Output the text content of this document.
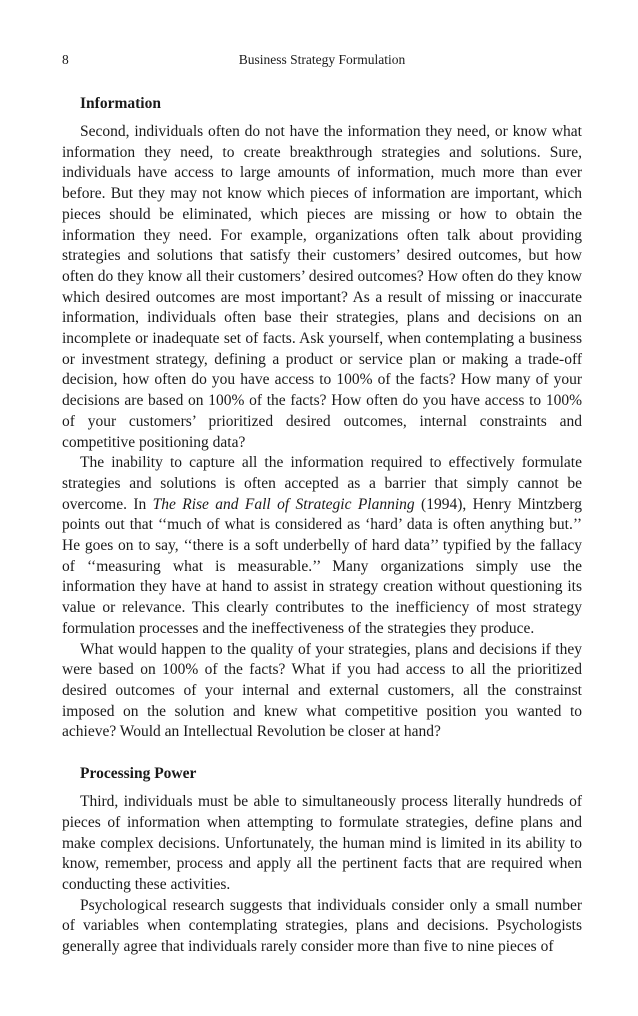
8	Business Strategy Formulation
Information

Second, individuals often do not have the information they need, or know what information they need, to create breakthrough strategies and solutions. Sure, individuals have access to large amounts of information, much more than ever before. But they may not know which pieces of information are important, which pieces should be eliminated, which pieces are missing or how to obtain the information they need. For example, organizations often talk about providing strategies and solutions that satisfy their customers’ desired outcomes, but how often do they know all their customers’ desired outcomes? How often do they know which desired outcomes are most important? As a result of missing or inaccurate information, individuals often base their strategies, plans and decisions on an incomplete or inadequate set of facts. Ask yourself, when contemplating a business or investment strategy, defining a product or service plan or making a trade-off decision, how often do you have access to 100% of the facts? How many of your decisions are based on 100% of the facts? How often do you have access to 100% of your customers’ prioritized desired outcomes, internal constraints and competitive positioning data?

The inability to capture all the information required to effectively formulate strategies and solutions is often accepted as a barrier that simply cannot be overcome. In The Rise and Fall of Strategic Planning (1994), Henry Mintzberg points out that ‘‘much of what is considered as ‘hard’ data is often anything but.’’ He goes on to say, ‘‘there is a soft underbelly of hard data’’ typified by the fallacy of ‘‘measuring what is measurable.’’ Many organizations simply use the information they have at hand to assist in strategy creation without questioning its value or relevance. This clearly contributes to the inefficiency of most strategy formulation processes and the ineffectiveness of the strategies they produce.

What would happen to the quality of your strategies, plans and decisions if they were based on 100% of the facts? What if you had access to all the prioritized desired outcomes of your internal and external customers, all the constrainst imposed on the solution and knew what competitive position you wanted to achieve? Would an Intellectual Revolution be closer at hand?

Processing Power

Third, individuals must be able to simultaneously process literally hundreds of pieces of information when attempting to formulate strategies, define plans and make complex decisions. Unfortunately, the human mind is limited in its ability to know, remember, process and apply all the pertinent facts that are required when conducting these activities.

Psychological research suggests that individuals consider only a small number of variables when contemplating strategies, plans and decisions. Psychologists generally agree that individuals rarely consider more than five to nine pieces of
